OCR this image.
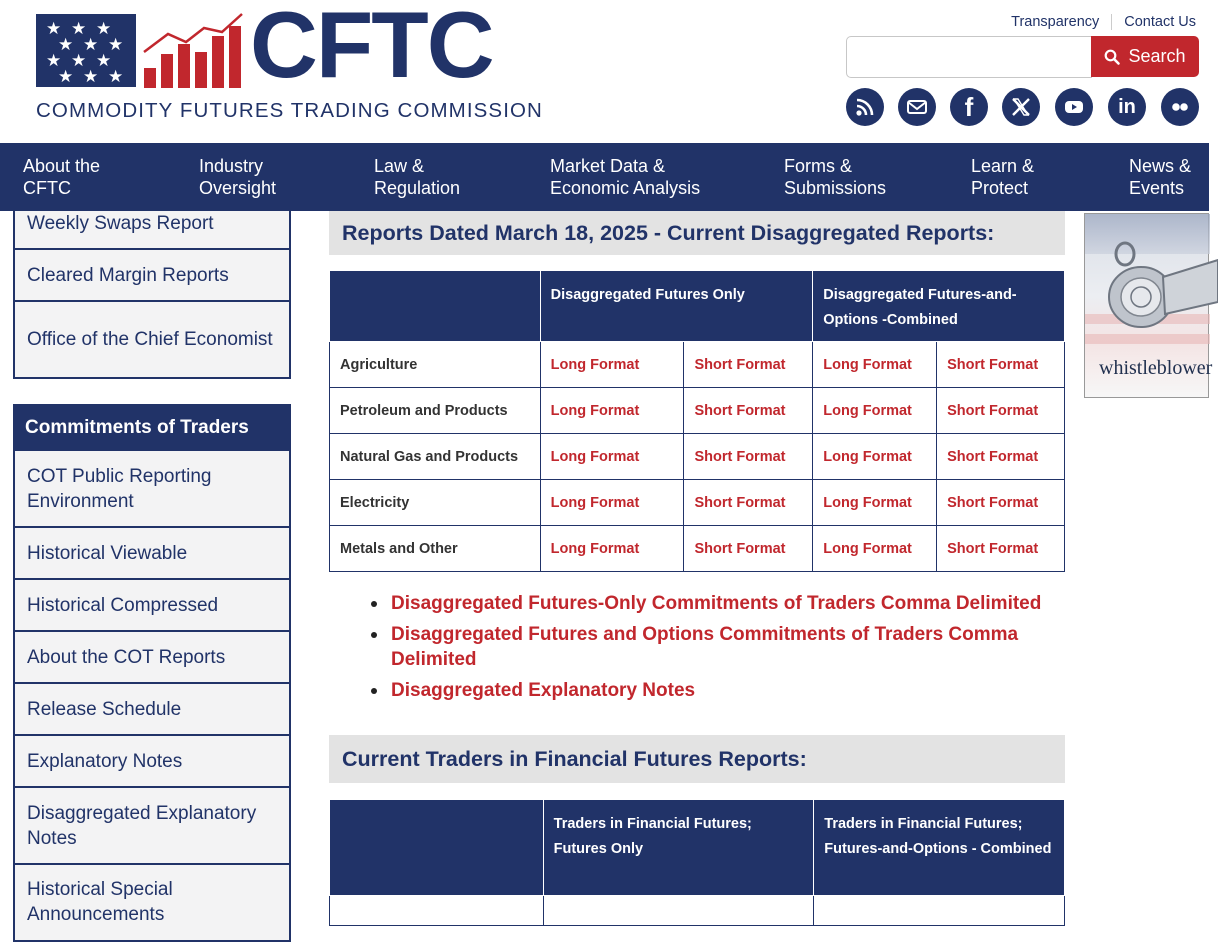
★ ★ ★
★ ★ ★
★ ★ ★
★ ★ ★ CFTC
COMMODITY FUTURES TRADING COMMISSION
Transparency Contact Us
Search
f	in
About the
CFTC
Industry
Oversight
Law &
Regulation
Market Data &
Economic Analysis
Forms &
Submissions
Learn &
Protect
News &
Events
Weekly Swaps Report
Cleared Margin Reports
Office of the Chief Economist
Commitments of Traders
COT Public Reporting Environment
Historical Viewable
Historical Compressed
About the COT Reports
Release Schedule
Explanatory Notes
Disaggregated Explanatory Notes
Historical Special Announcements
Reports Dated March 18, 2025 - Current Disaggregated Reports:
	Disaggregated Futures Only		Disaggregated Futures-and-Options -Combined	
Agriculture	Long Format	Short Format	Long Format	Short Format
Petroleum and Products	Long Format	Short Format	Long Format	Short Format
Natural Gas and Products	Long Format	Short Format	Long Format	Short Format
Electricity	Long Format	Short Format	Long Format	Short Format
Metals and Other	Long Format	Short Format	Long Format	Short Format
Disaggregated Futures-Only Commitments of Traders Comma Delimited
Disaggregated Futures and Options Commitments of Traders Comma Delimited
Disaggregated Explanatory Notes
Current Traders in Financial Futures Reports:
	Traders in Financial Futures; Futures Only	Traders in Financial Futures; Futures-and-Options - Combined

whistleblower
